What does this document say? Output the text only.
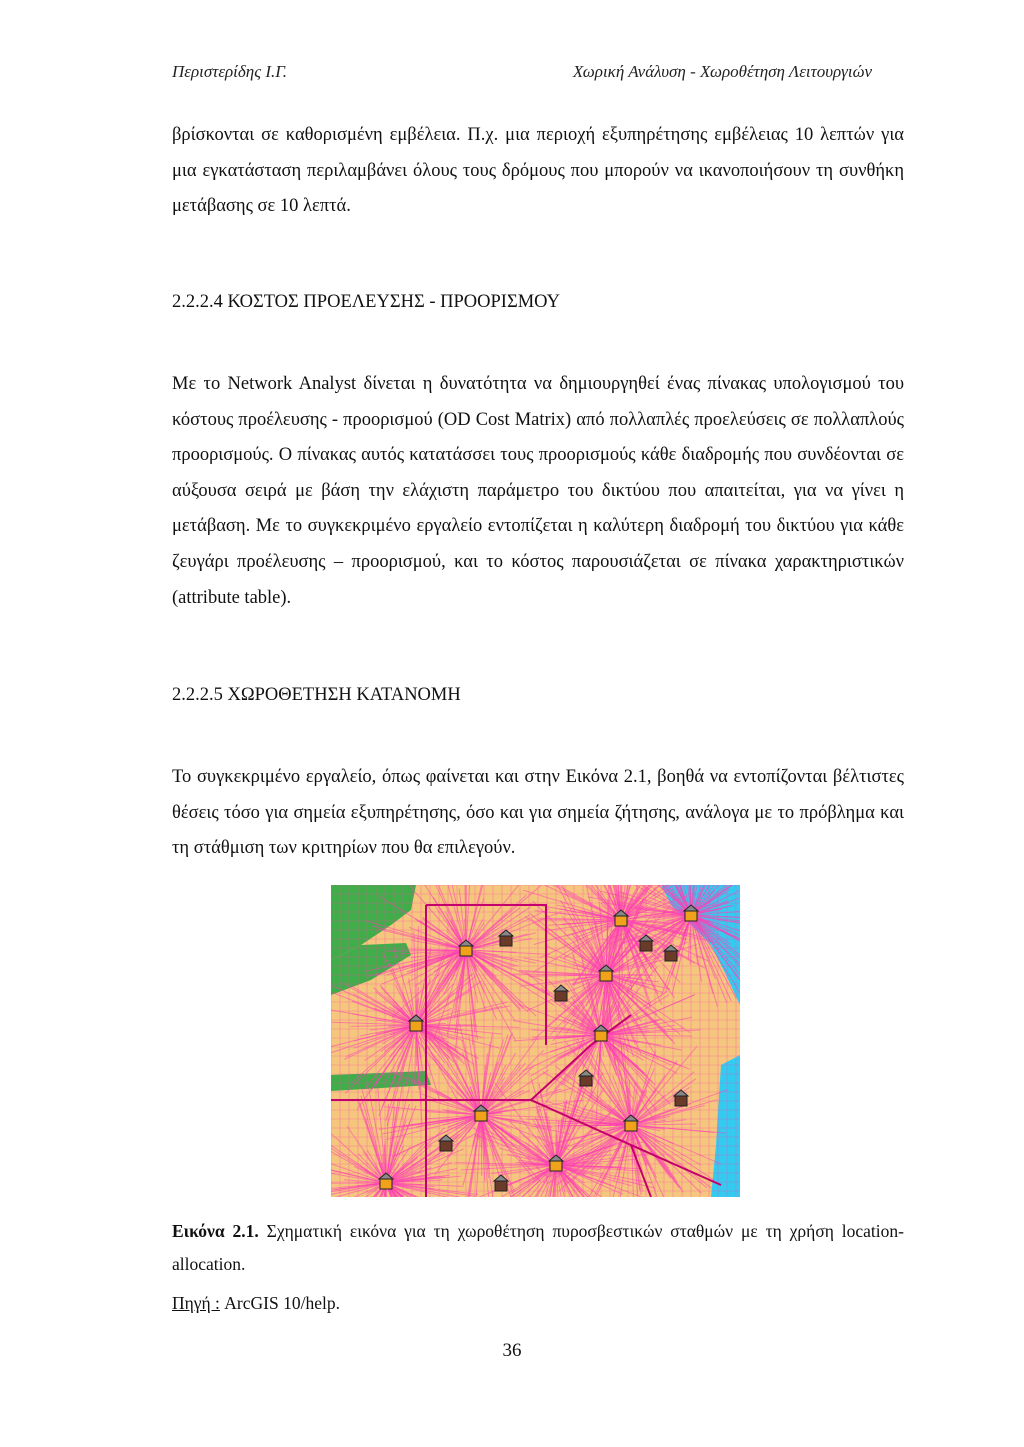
Περιστερίδης Ι.Γ.	Χωρική Ανάλυση - Χωροθέτηση Λειτουργιών

βρίσκονται σε καθορισμένη εμβέλεια. Π.χ. μια περιοχή εξυπηρέτησης εμβέλειας 10 λεπτών για μια εγκατάσταση περιλαμβάνει όλους τους δρόμους που μπορούν να ικανοποιήσουν τη συνθήκη μετάβασης σε 10 λεπτά.

2.2.2.4 ΚΟΣΤΟΣ ΠΡΟΕΛΕΥΣΗΣ - ΠΡΟΟΡΙΣΜΟΥ

Με το Network Analyst δίνεται η δυνατότητα να δημιουργηθεί ένας πίνακας υπολογισμού του κόστους προέλευσης - προορισμού (OD Cost Matrix) από πολλαπλές προελεύσεις σε πολλαπλούς προορισμούς. Ο πίνακας αυτός κατατάσσει τους προορισμούς κάθε διαδρομής που συνδέονται σε αύξουσα σειρά με βάση την ελάχιστη παράμετρο του δικτύου που απαιτείται, για να γίνει η μετάβαση. Με το συγκεκριμένο εργαλείο εντοπίζεται η καλύτερη διαδρομή του δικτύου για κάθε ζευγάρι προέλευσης – προορισμού, και το κόστος παρουσιάζεται σε πίνακα χαρακτηριστικών (attribute table).

2.2.2.5 ΧΩΡΟΘΕΤΗΣΗ ΚΑΤΑΝΟΜΗ

Το συγκεκριμένο εργαλείο, όπως φαίνεται και στην Εικόνα 2.1, βοηθά να εντοπίζονται βέλτιστες θέσεις τόσο για σημεία εξυπηρέτησης, όσο και για σημεία ζήτησης, ανάλογα με το πρόβλημα και τη στάθμιση των κριτηρίων που θα επιλεγούν.

Εικόνα 2.1. Σχηματική εικόνα για τη χωροθέτηση πυροσβεστικών σταθμών με τη χρήση location-allocation.

Πηγή : ArcGIS 10/help.
36
